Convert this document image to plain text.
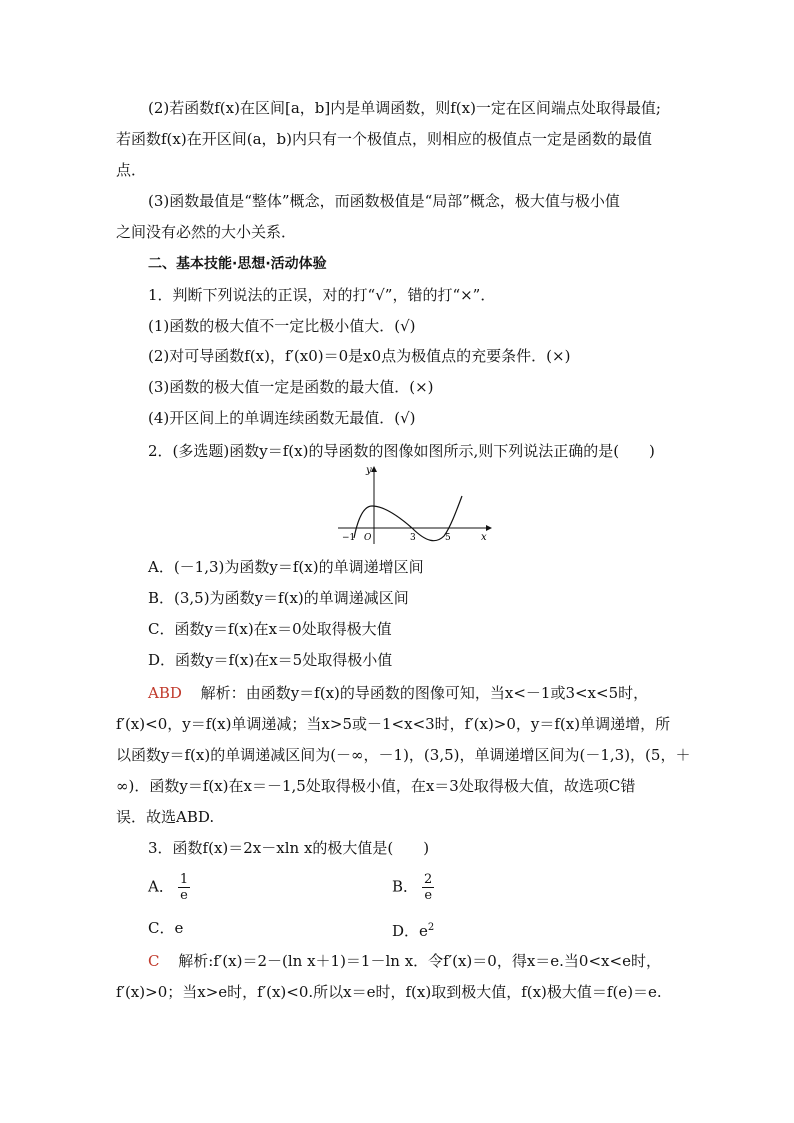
(2)若函数f(x)在区间[a，b]内是单调函数，则f(x)一定在区间端点处取得最值;
若函数f(x)在开区间(a，b)内只有一个极值点，则相应的极值点一定是函数的最值
点．
(3)函数最值是“整体”概念，而函数极值是“局部”概念，极大值与极小值
之间没有必然的大小关系．
二、基本技能·思想·活动体验
1．判断下列说法的正误，对的打“√”，错的打“×”．
(1)函数的极大值不一定比极小值大．(√)
(2)对可导函数f(x)，f′(x0)＝0是x0点为极值点的充要条件．(×)
(3)函数的极大值一定是函数的最大值．(×)
(4)开区间上的单调连续函数无最值．(√)
2．(多选题)函数y＝f(x)的导函数的图像如图所示,则下列说法正确的是(　　)
y
x
−1 O	3	5
A．(－1,3)为函数y＝f(x)的单调递增区间
B．(3,5)为函数y＝f(x)的单调递减区间
C．函数y＝f(x)在x＝0处取得极大值
D．函数y＝f(x)在x＝5处取得极小值
ABD 解析：由函数y＝f(x)的导函数的图像可知，当x<－1或3<x<5时，
f′(x)<0，y＝f(x)单调递减；当x>5或－1<x<3时，f′(x)>0，y＝f(x)单调递增，所
以函数y＝f(x)的单调递减区间为(－∞，－1)，(3,5)，单调递增区间为(－1,3)，(5，＋
∞)．函数y＝f(x)在x＝－1,5处取得极小值，在x＝3处取得极大值，故选项C错
误．故选ABD.
3．函数f(x)＝2x－xln x的极大值是(　　)
A． $\frac{1}{e}$	B． $\frac{2}{e}$
C．e	D．$e^2$
C 解析:f′(x)＝2－(ln x＋1)＝1－ln x．令f′(x)＝0，得x＝e.当0<x<e时，
f′(x)>0；当x>e时，f′(x)<0.所以x＝e时，f(x)取到极大值，f(x)极大值＝f(e)＝e.
